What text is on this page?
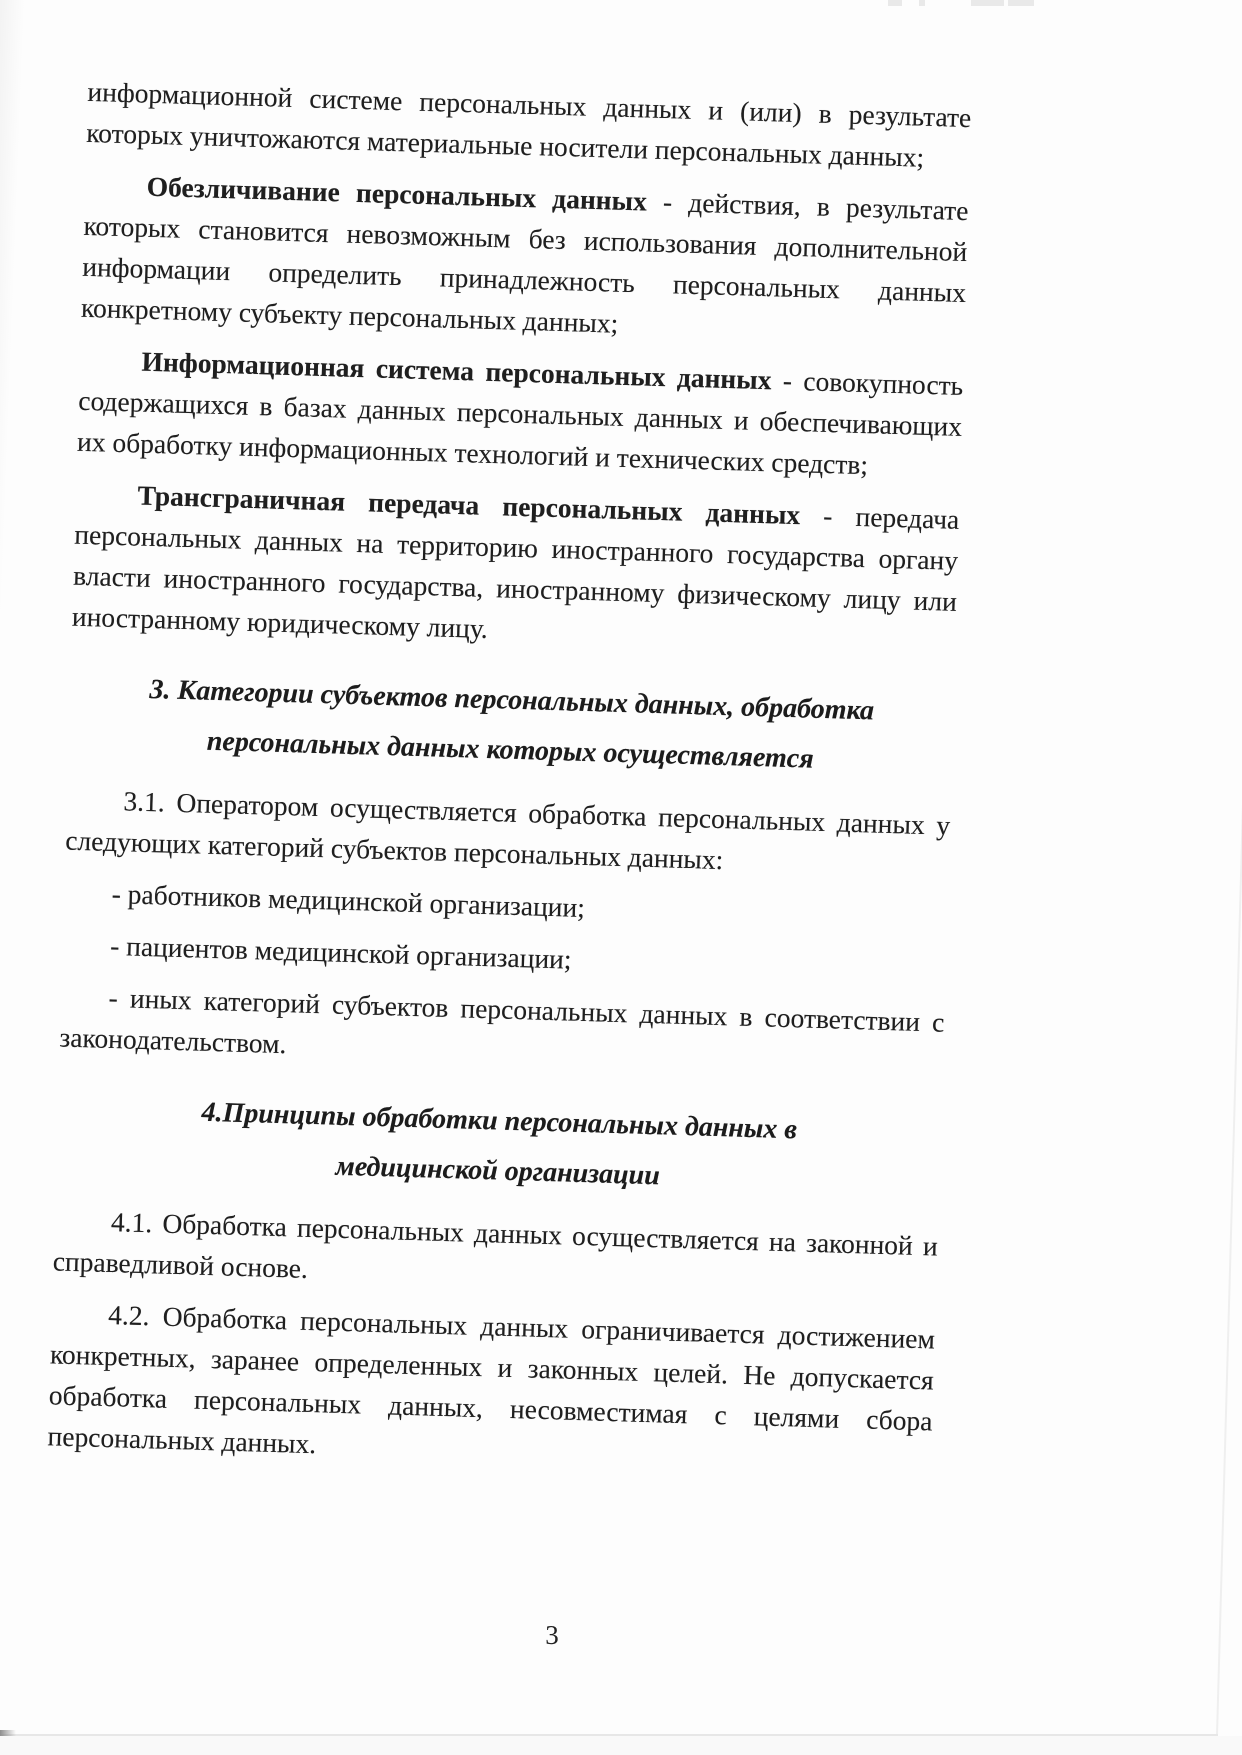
информационной системе персональных данных и (или) в результате которых уничтожаются материальные носители персональных данных;

Обезличивание персональных данных - действия, в результате которых становится невозможным без использования дополнительной информации определить принадлежность персональных данных конкретному субъекту персональных данных;

Информационная система персональных данных - совокупность содержащихся в базах данных персональных данных и обеспечивающих их обработку информационных технологий и технических средств;

Трансграничная передача персональных данных - передача персональных данных на территорию иностранного государства органу власти иностранного государства, иностранному физическому лицу или иностранному юридическому лицу.

3. Категории субъектов персональных данных, обработка персональных данных которых осуществляется

3.1. Оператором осуществляется обработка персональных данных у следующих категорий субъектов персональных данных:

- работников медицинской организации;

- пациентов медицинской организации;

- иных категорий субъектов персональных данных в соответствии с законодательством.

4.Принципы обработки персональных данных в медицинской организации

4.1. Обработка персональных данных осуществляется на законной и справедливой основе.

4.2. Обработка персональных данных ограничивается достижением конкретных, заранее определенных и законных целей. Не допускается обработка персональных данных, несовместимая с целями сбора персональных данных.

3
